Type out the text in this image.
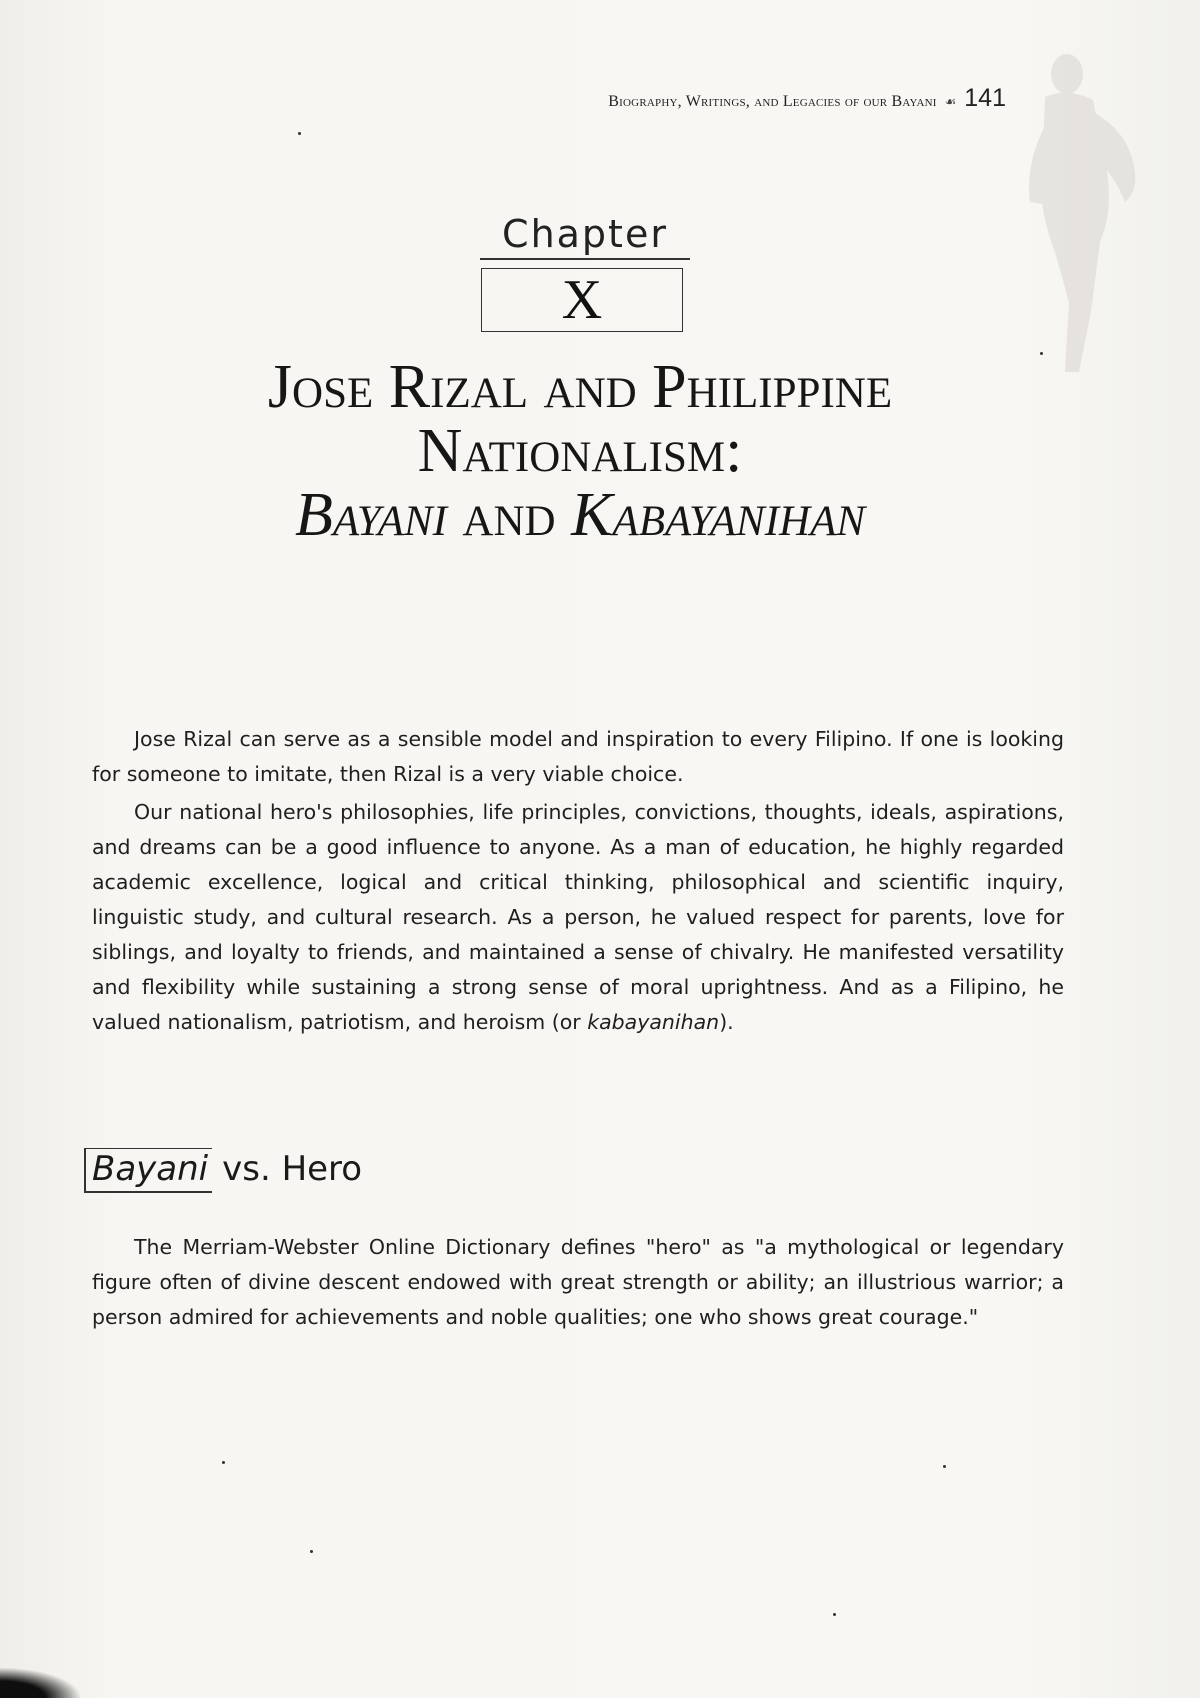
Biography, Writings, and Legacies of our Bayani ☙ 141
Chapter
X
Jose Rizal and Philippine
Nationalism:
Bayani and Kabayanihan

Jose Rizal can serve as a sensible model and inspiration to every Filipino. If one is looking for someone to imitate, then Rizal is a very viable choice.

Our national hero's philosophies, life principles, convictions, thoughts, ideals, aspirations, and dreams can be a good influence to anyone. As a man of education, he highly regarded academic excellence, logical and critical thinking, philosophical and scientific inquiry, linguistic study, and cultural research. As a person, he valued respect for parents, love for siblings, and loyalty to friends, and maintained a sense of chivalry. He manifested versatility and flexibility while sustaining a strong sense of moral uprightness. And as a Filipino, he valued nationalism, patriotism, and heroism (or kabayanihan).

Bayani vs. Hero

The Merriam-Webster Online Dictionary defines "hero" as "a mythological or legendary figure often of divine descent endowed with great strength or ability; an illustrious warrior; a person admired for achievements and noble qualities; one who shows great courage."
